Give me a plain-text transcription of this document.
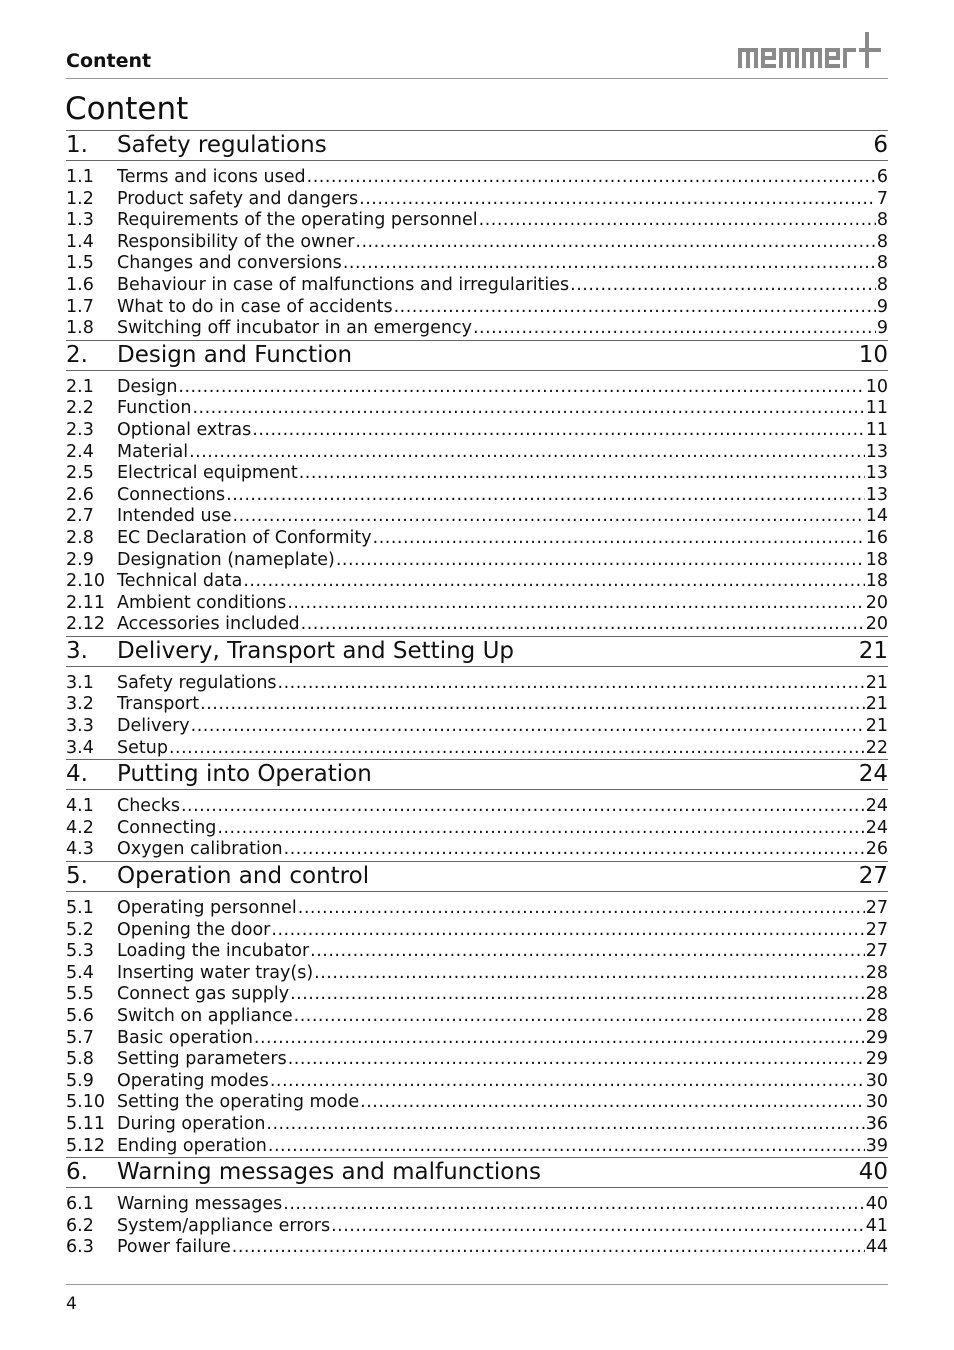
Content
Content
1.	Safety regulations	6
1.1	Terms and icons used .....	6
1.2	Product safety and dangers .....	7
1.3	Requirements of the operating personnel .....	8
1.4	Responsibility of the owner .....	8
1.5	Changes and conversions .....	8
1.6	Behaviour in case of malfunctions and irregularities .....	8
1.7	What to do in case of accidents .....	9
1.8	Switching off incubator in an emergency .....	9
2.	Design and Function	10
2.1	Design .....	10
2.2	Function .....	11
2.3	Optional extras .....	11
2.4	Material .....	13
2.5	Electrical equipment .....	13
2.6	Connections .....	13
2.7	Intended use .....	14
2.8	EC Declaration of Conformity .....	16
2.9	Designation (nameplate) .....	18
2.10 Technical data .....	18
2.11 Ambient conditions .....	20
2.12 Accessories included .....	20
3.	Delivery, Transport and Setting Up	21
3.1	Safety regulations .....	21
3.2	Transport .....	21
3.3	Delivery .....	21
3.4	Setup .....	22
4.	Putting into Operation	24
4.1	Checks .....	24
4.2	Connecting .....	24
4.3	Oxygen calibration .....	26
5.	Operation and control	27
5.1	Operating personnel .....	27
5.2	Opening the door .....	27
5.3	Loading the incubator .....	27
5.4	Inserting water tray(s) .....	28
5.5	Connect gas supply .....	28
5.6	Switch on appliance .....	28
5.7	Basic operation .....	29
5.8	Setting parameters .....	29
5.9	Operating modes .....	30
5.10 Setting the operating mode .....	30
5.11 During operation .....	36
5.12 Ending operation .....	39
6.	Warning messages and malfunctions	40
6.1	Warning messages .....	40
6.2	System/appliance errors .....	41
6.3	Power failure .....	44
4
